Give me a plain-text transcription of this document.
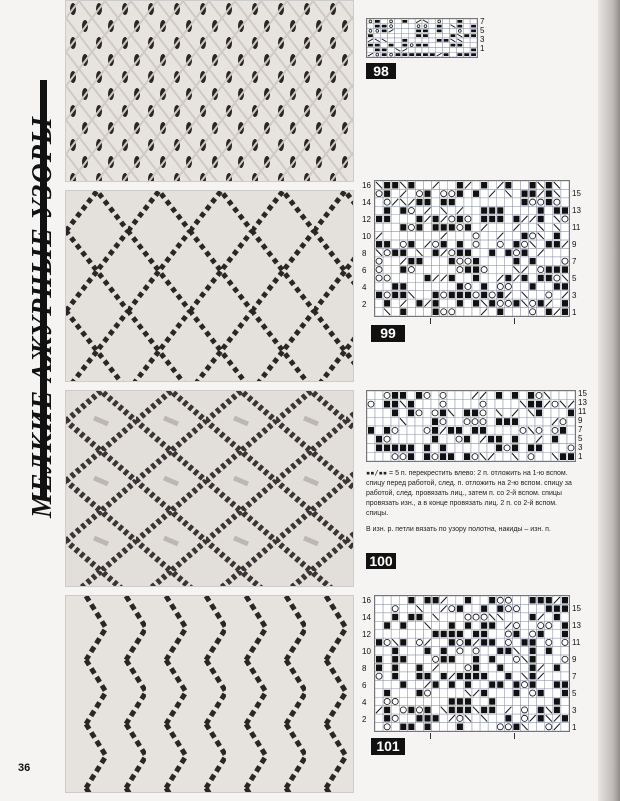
МЕЛКИЕ АЖУРНЫЕ УЗОРЫ
7
5
3
1
98
16
14
12
10
8
6
4
2
15
13
11
9
7
5
3
1
99
15
13
11
9
7
5
3
1

▪▪/▪▪ = 5 п. перекрестить влево: 2 п. отложить на 1-ю вспом. спицу перед работой, след. п. отложить на 2-ю вспом. спицу за работой, след. провязать лиц., затем п. со 2-й вспом. спицы провязать изн., а в конце провязать лиц. 2 п. со 2-й вспом. спицы.

В изн. р. петли вязать по узору полотна, накиды – изн. п.

100
16
14
12
10
8
6
4
2
15
13
11
9
7
5
3
1
101
36
